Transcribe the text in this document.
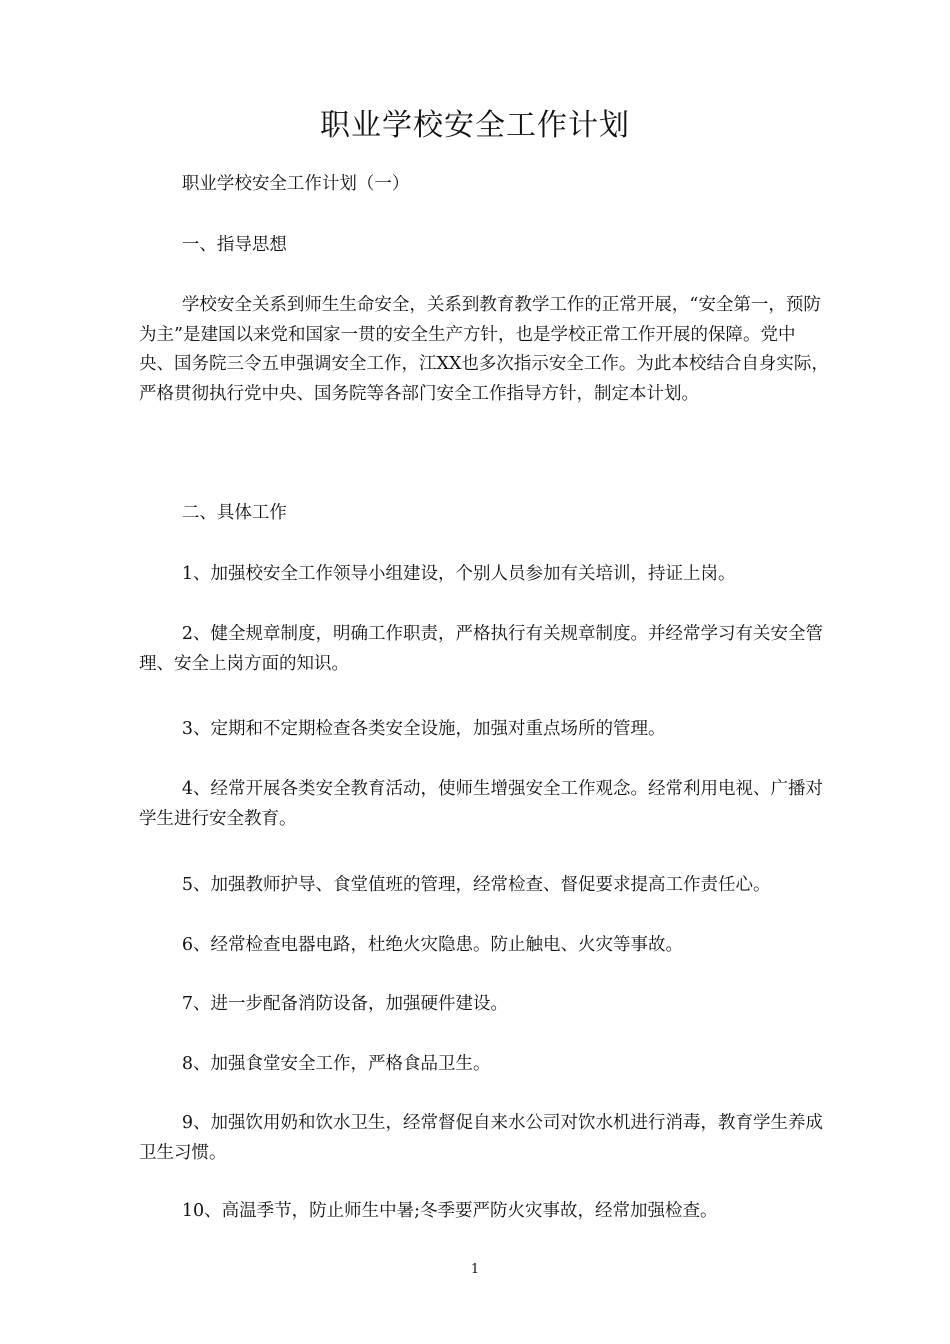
职业学校安全工作计划

职业学校安全工作计划（一）

一、指导思想

学校安全关系到师生生命安全，关系到教育教学工作的正常开展，“安全第一，预防为主”是建国以来党和国家一贯的安全生产方针，也是学校正常工作开展的保障。党中央、国务院三令五申强调安全工作，江XX也多次指示安全工作。为此本校结合自身实际，严格贯彻执行党中央、国务院等各部门安全工作指导方针，制定本计划。

二、具体工作

1、加强校安全工作领导小组建设，个别人员参加有关培训，持证上岗。

2、健全规章制度，明确工作职责，严格执行有关规章制度。并经常学习有关安全管理、安全上岗方面的知识。

3、定期和不定期检查各类安全设施，加强对重点场所的管理。

4、经常开展各类安全教育活动，使师生增强安全工作观念。经常利用电视、广播对学生进行安全教育。

5、加强教师护导、食堂值班的管理，经常检查、督促要求提高工作责任心。

6、经常检查电器电路，杜绝火灾隐患。防止触电、火灾等事故。

7、进一步配备消防设备，加强硬件建设。

8、加强食堂安全工作，严格食品卫生。

9、加强饮用奶和饮水卫生，经常督促自来水公司对饮水机进行消毒，教育学生养成卫生习惯。

10、高温季节，防止师生中暑;冬季要严防火灾事故，经常加强检查。

1
